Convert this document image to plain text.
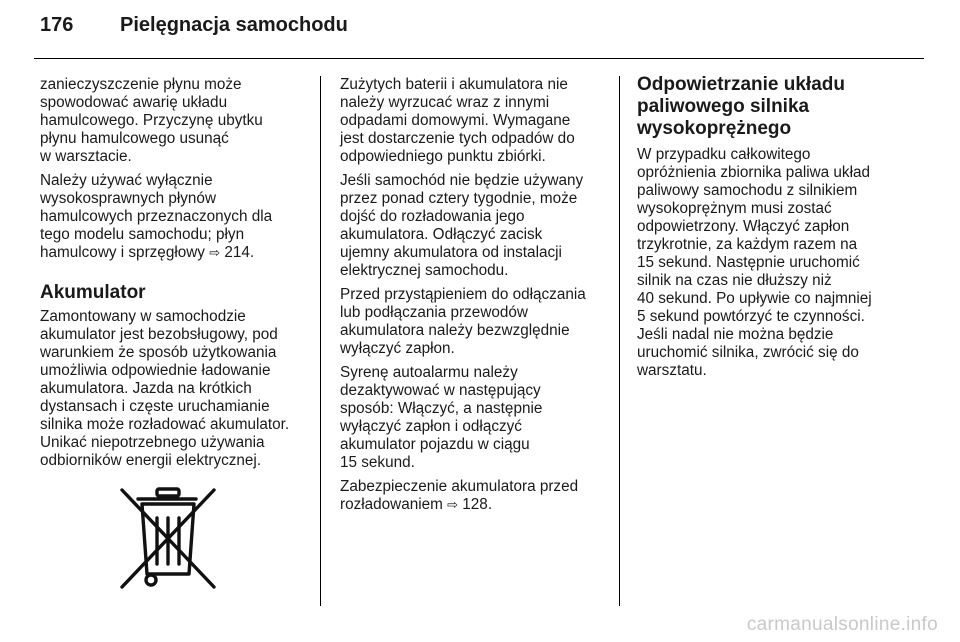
176	Pielęgnacja samochodu

zanieczyszczenie płynu może
spowodować awarię układu
hamulcowego. Przyczynę ubytku
płynu hamulcowego usunąć
w warsztacie.

Należy używać wyłącznie
wysokosprawnych płynów
hamulcowych przeznaczonych dla
tego modelu samochodu; płyn
hamulcowy i sprzęgłowy ⇨ 214.

Akumulator

Zamontowany w samochodzie
akumulator jest bezobsługowy, pod
warunkiem że sposób użytkowania
umożliwia odpowiednie ładowanie
akumulatora. Jazda na krótkich
dystansach i częste uruchamianie
silnika może rozładować akumulator.
Unikać niepotrzebnego używania
odbiorników energii elektrycznej.

Zużytych baterii i akumulatora nie
należy wyrzucać wraz z innymi
odpadami domowymi. Wymagane
jest dostarczenie tych odpadów do
odpowiedniego punktu zbiórki.

Jeśli samochód nie będzie używany
przez ponad cztery tygodnie, może
dojść do rozładowania jego
akumulatora. Odłączyć zacisk
ujemny akumulatora od instalacji
elektrycznej samochodu.

Przed przystąpieniem do odłączania
lub podłączania przewodów
akumulatora należy bezwzględnie
wyłączyć zapłon.

Syrenę autoalarmu należy
dezaktywować w następujący
sposób: Włączyć, a następnie
wyłączyć zapłon i odłączyć
akumulator pojazdu w ciągu
15 sekund.

Zabezpieczenie akumulatora przed
rozładowaniem ⇨ 128.

Odpowietrzanie układu
paliwowego silnika
wysokoprężnego

W przypadku całkowitego
opróżnienia zbiornika paliwa układ
paliwowy samochodu z silnikiem
wysokoprężnym musi zostać
odpowietrzony. Włączyć zapłon
trzykrotnie, za każdym razem na
15 sekund. Następnie uruchomić
silnik na czas nie dłuższy niż
40 sekund. Po upływie co najmniej
5 sekund powtórzyć te czynności.
Jeśli nadal nie można będzie
uruchomić silnika, zwrócić się do
warsztatu.

carmanualsonline.info
